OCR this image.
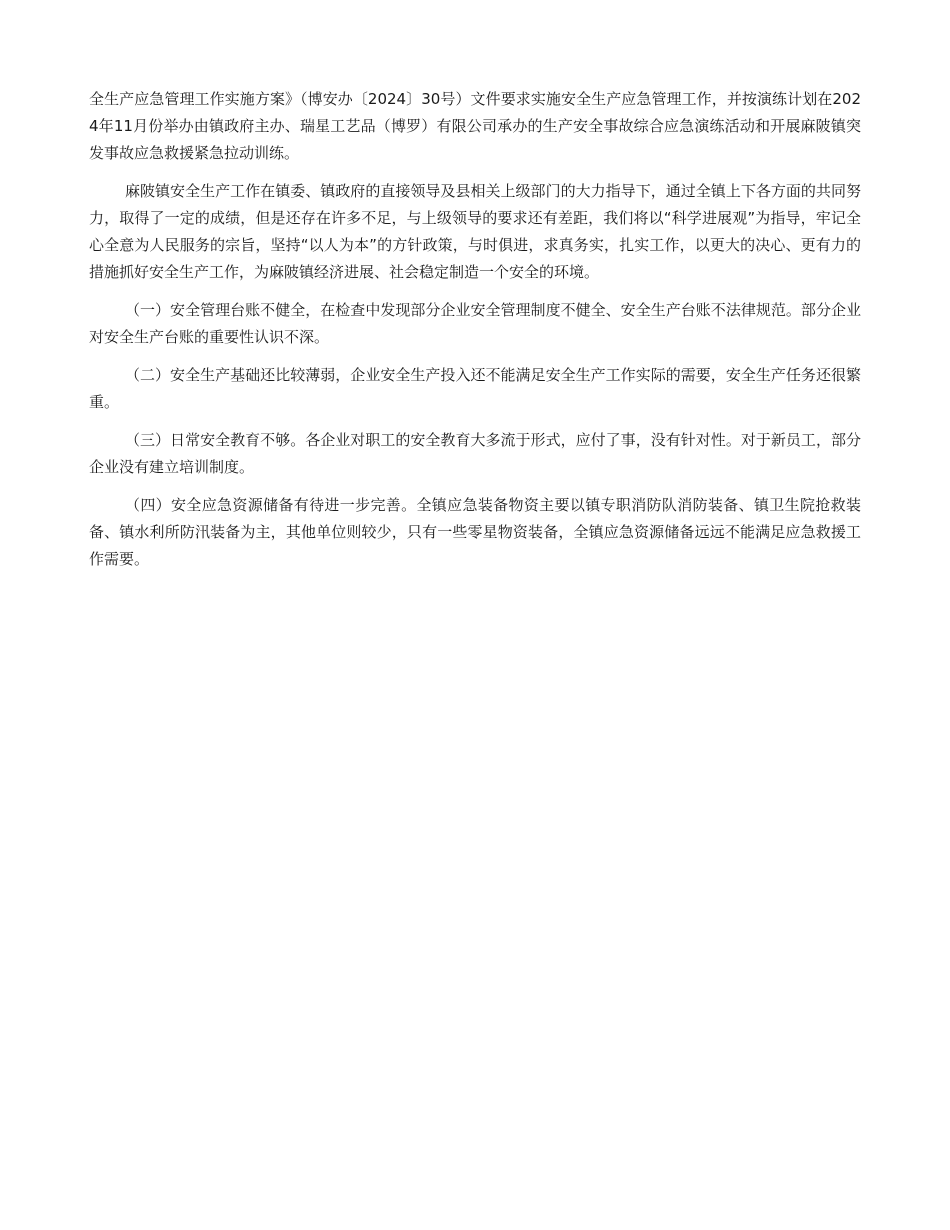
全生产应急管理工作实施方案》（博安办〔2024〕30号）文件要求实施安全生产应急管理工作，并按演练计划在2024年11月份举办由镇政府主办、瑞星工艺品（博罗）有限公司承办的生产安全事故综合应急演练活动和开展麻陂镇突发事故应急救援紧急拉动训练。

麻陂镇安全生产工作在镇委、镇政府的直接领导及县相关上级部门的大力指导下，通过全镇上下各方面的共同努力，取得了一定的成绩，但是还存在许多不足，与上级领导的要求还有差距，我们将以“科学进展观”为指导，牢记全心全意为人民服务的宗旨，坚持“以人为本”的方针政策，与时俱进，求真务实，扎实工作，以更大的决心、更有力的措施抓好安全生产工作，为麻陂镇经济进展、社会稳定制造一个安全的环境。

（一）安全管理台账不健全，在检查中发现部分企业安全管理制度不健全、安全生产台账不法律规范。部分企业对安全生产台账的重要性认识不深。

（二）安全生产基础还比较薄弱，企业安全生产投入还不能满足安全生产工作实际的需要，安全生产任务还很繁重。

（三）日常安全教育不够。各企业对职工的安全教育大多流于形式，应付了事，没有针对性。对于新员工，部分企业没有建立培训制度。

（四）安全应急资源储备有待进一步完善。全镇应急装备物资主要以镇专职消防队消防装备、镇卫生院抢救装备、镇水利所防汛装备为主，其他单位则较少，只有一些零星物资装备，全镇应急资源储备远远不能满足应急救援工作需要。
